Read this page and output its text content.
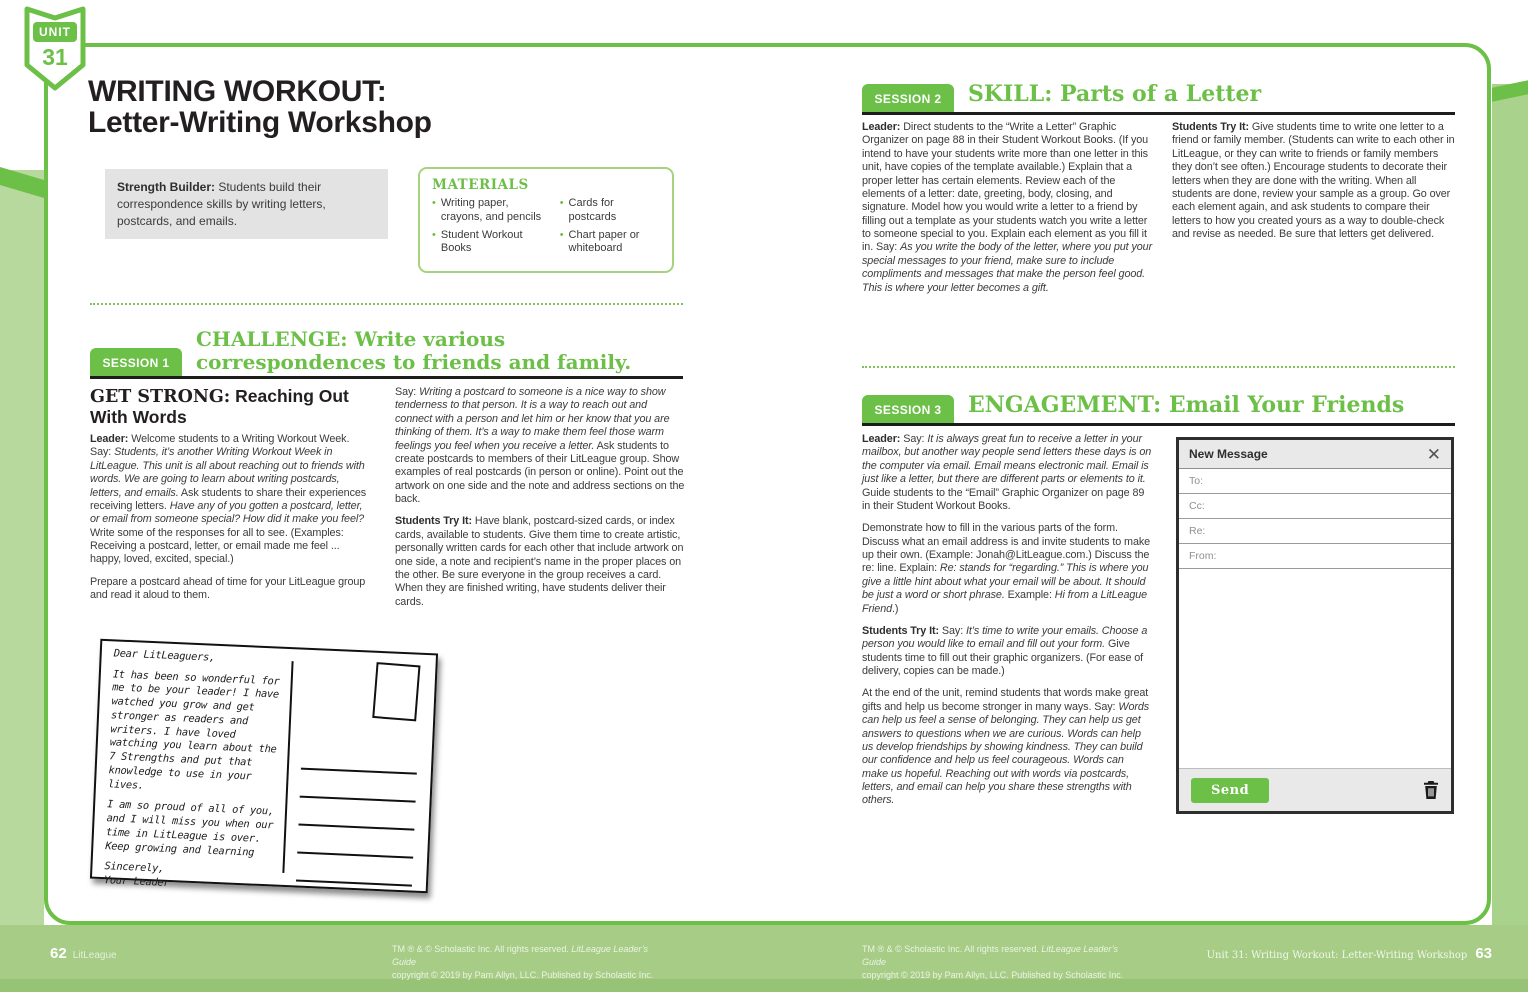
UNIT
31
WRITING WORKOUT:
Letter-Writing Workshop
Strength Builder: Students build their correspondence skills by writing letters, postcards, and emails.
MATERIALS
• Writing paper, crayons, and pencils
• Student Workout Books
• Cards for postcards
• Chart paper or whiteboard
SESSION 1
CHALLENGE: Write various correspondences to friends and family.
GET STRONG: Reaching Out With Words

Leader: Welcome students to a Writing Workout Week. Say: Students, it’s another Writing Workout Week in LitLeague. This unit is all about reaching out to friends with words. We are going to learn about writing postcards, letters, and emails. Ask students to share their experiences receiving letters. Have any of you gotten a postcard, letter, or email from someone special? How did it make you feel? Write some of the responses for all to see. (Examples: Receiving a postcard, letter, or email made me feel ... happy, loved, excited, special.)

Prepare a postcard ahead of time for your LitLeague group and read it aloud to them.

Say: Writing a postcard to someone is a nice way to show tenderness to that person. It is a way to reach out and connect with a person and let him or her know that you are thinking of them. It’s a way to make them feel those warm feelings you feel when you receive a letter. Ask students to create postcards to members of their LitLeague group. Show examples of real postcards (in person or online). Point out the artwork on one side and the note and address sections on the back.

Students Try It: Have blank, postcard-sized cards, or index cards, available to students. Give them time to create artistic, personally written cards for each other that include artwork on one side, a note and recipient’s name in the proper places on the other. Be sure everyone in the group receives a card. When they are finished writing, have students deliver their cards.

Dear LitLeaguers,

It has been so wonderful for me to be your leader! I have watched you grow and get stronger as readers and writers. I have loved watching you learn about the 7 Strengths and put that knowledge to use in your lives.

I am so proud of all of you, and I will miss you when our time in LitLeague is over. Keep growing and learning

Sincerely,
Your Leader

SESSION 2	SKILL: Parts of a Letter

Leader: Direct students to the “Write a Letter” Graphic Organizer on page 88 in their Student Workout Books. (If you intend to have your students write more than one letter in this unit, have copies of the template available.) Explain that a proper letter has certain elements. Review each of the elements of a letter: date, greeting, body, closing, and signature. Model how you would write a letter to a friend by filling out a template as your students watch you write a letter to someone special to you. Explain each element as you fill it in. Say: As you write the body of the letter, where you put your special messages to your friend, make sure to include compliments and messages that make the person feel good. This is where your letter becomes a gift.

Students Try It: Give students time to write one letter to a friend or family member. (Students can write to each other in LitLeague, or they can write to friends or family members they don’t see often.) Encourage students to decorate their letters when they are done with the writing. When all students are done, review your sample as a group. Go over each element again, and ask students to compare their letters to how you created yours as a way to double-check and revise as needed. Be sure that letters get delivered.

SESSION 3	ENGAGEMENT: Email Your Friends

Leader: Say: It is always great fun to receive a letter in your mailbox, but another way people send letters these days is on the computer via email. Email means electronic mail. Email is just like a letter, but there are different parts or elements to it. Guide students to the “Email” Graphic Organizer on page 89 in their Student Workout Books.

Demonstrate how to fill in the various parts of the form. Discuss what an email address is and invite students to make up their own. (Example: Jonah@LitLeague.com.) Discuss the re: line. Explain: Re: stands for “regarding.” This is where you give a little hint about what your email will be about. It should be just a word or short phrase. Example: Hi from a LitLeague Friend.)

Students Try It: Say: It’s time to write your emails. Choose a person you would like to email and fill out your form. Give students time to fill out their graphic organizers. (For ease of delivery, copies can be made.)

At the end of the unit, remind students that words make great gifts and help us become stronger in many ways. Say: Words can help us feel a sense of belonging. They can help us get answers to questions when we are curious. Words can help us develop friendships by showing kindness. They can build our confidence and help us feel courageous. Words can make us hopeful. Reaching out with words via postcards, letters, and email can help you share these strengths with others.

New Message	✕
To:
Cc:
Re:
From:
Send
62 LitLeague
TM ® & © Scholastic Inc. All rights reserved. LitLeague Leader’s Guide
copyright © 2019 by Pam Allyn, LLC. Published by Scholastic Inc.
TM ® & © Scholastic Inc. All rights reserved. LitLeague Leader’s Guide
copyright © 2019 by Pam Allyn, LLC. Published by Scholastic Inc.
Unit 31: Writing Workout: Letter-Writing Workshop 63
